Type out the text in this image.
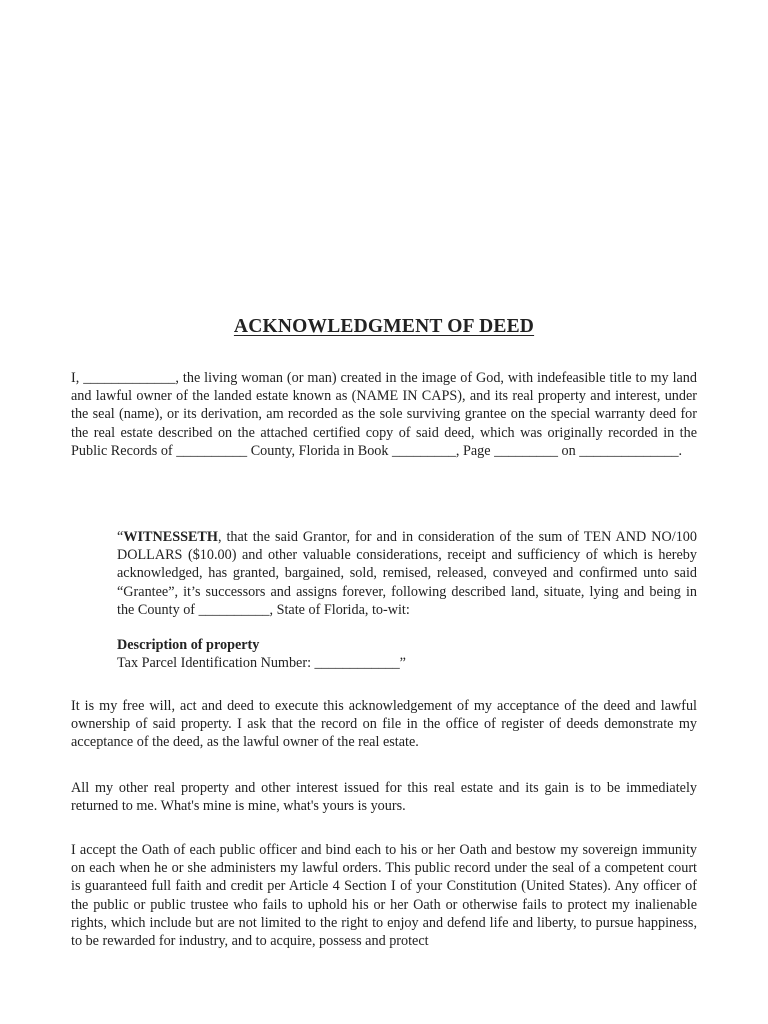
ACKNOWLEDGMENT OF DEED

I, _____________, the living woman (or man) created in the image of God, with indefeasible title to my land and lawful owner of the landed estate known as (NAME IN CAPS), and its real property and interest, under the seal (name), or its derivation, am recorded as the sole surviving grantee on the special warranty deed for the real estate described on the attached certified copy of said deed, which was originally recorded in the Public Records of __________ County, Florida in Book _________, Page _________ on ______________.

“WITNESSETH, that the said Grantor, for and in consideration of the sum of TEN AND NO/100 DOLLARS ($10.00) and other valuable considerations, receipt and sufficiency of which is hereby acknowledged, has granted, bargained, sold, remised, released, conveyed and confirmed unto said “Grantee”, it’s successors and assigns forever, following described land, situate, lying and being in the County of __________, State of Florida, to-wit:

Description of property
Tax Parcel Identification Number: ____________”

It is my free will, act and deed to execute this acknowledgement of my acceptance of the deed and lawful ownership of said property. I ask that the record on file in the office of register of deeds demonstrate my acceptance of the deed, as the lawful owner of the real estate.

All my other real property and other interest issued for this real estate and its gain is to be immediately returned to me. What's mine is mine, what's yours is yours.

I accept the Oath of each public officer and bind each to his or her Oath and bestow my sovereign immunity on each when he or she administers my lawful orders. This public record under the seal of a competent court is guaranteed full faith and credit per Article 4 Section I of your Constitution (United States). Any officer of the public or public trustee who fails to uphold his or her Oath or otherwise fails to protect my inalienable rights, which include but are not limited to the right to enjoy and defend life and liberty, to pursue happiness, to be rewarded for industry, and to acquire, possess and protect
